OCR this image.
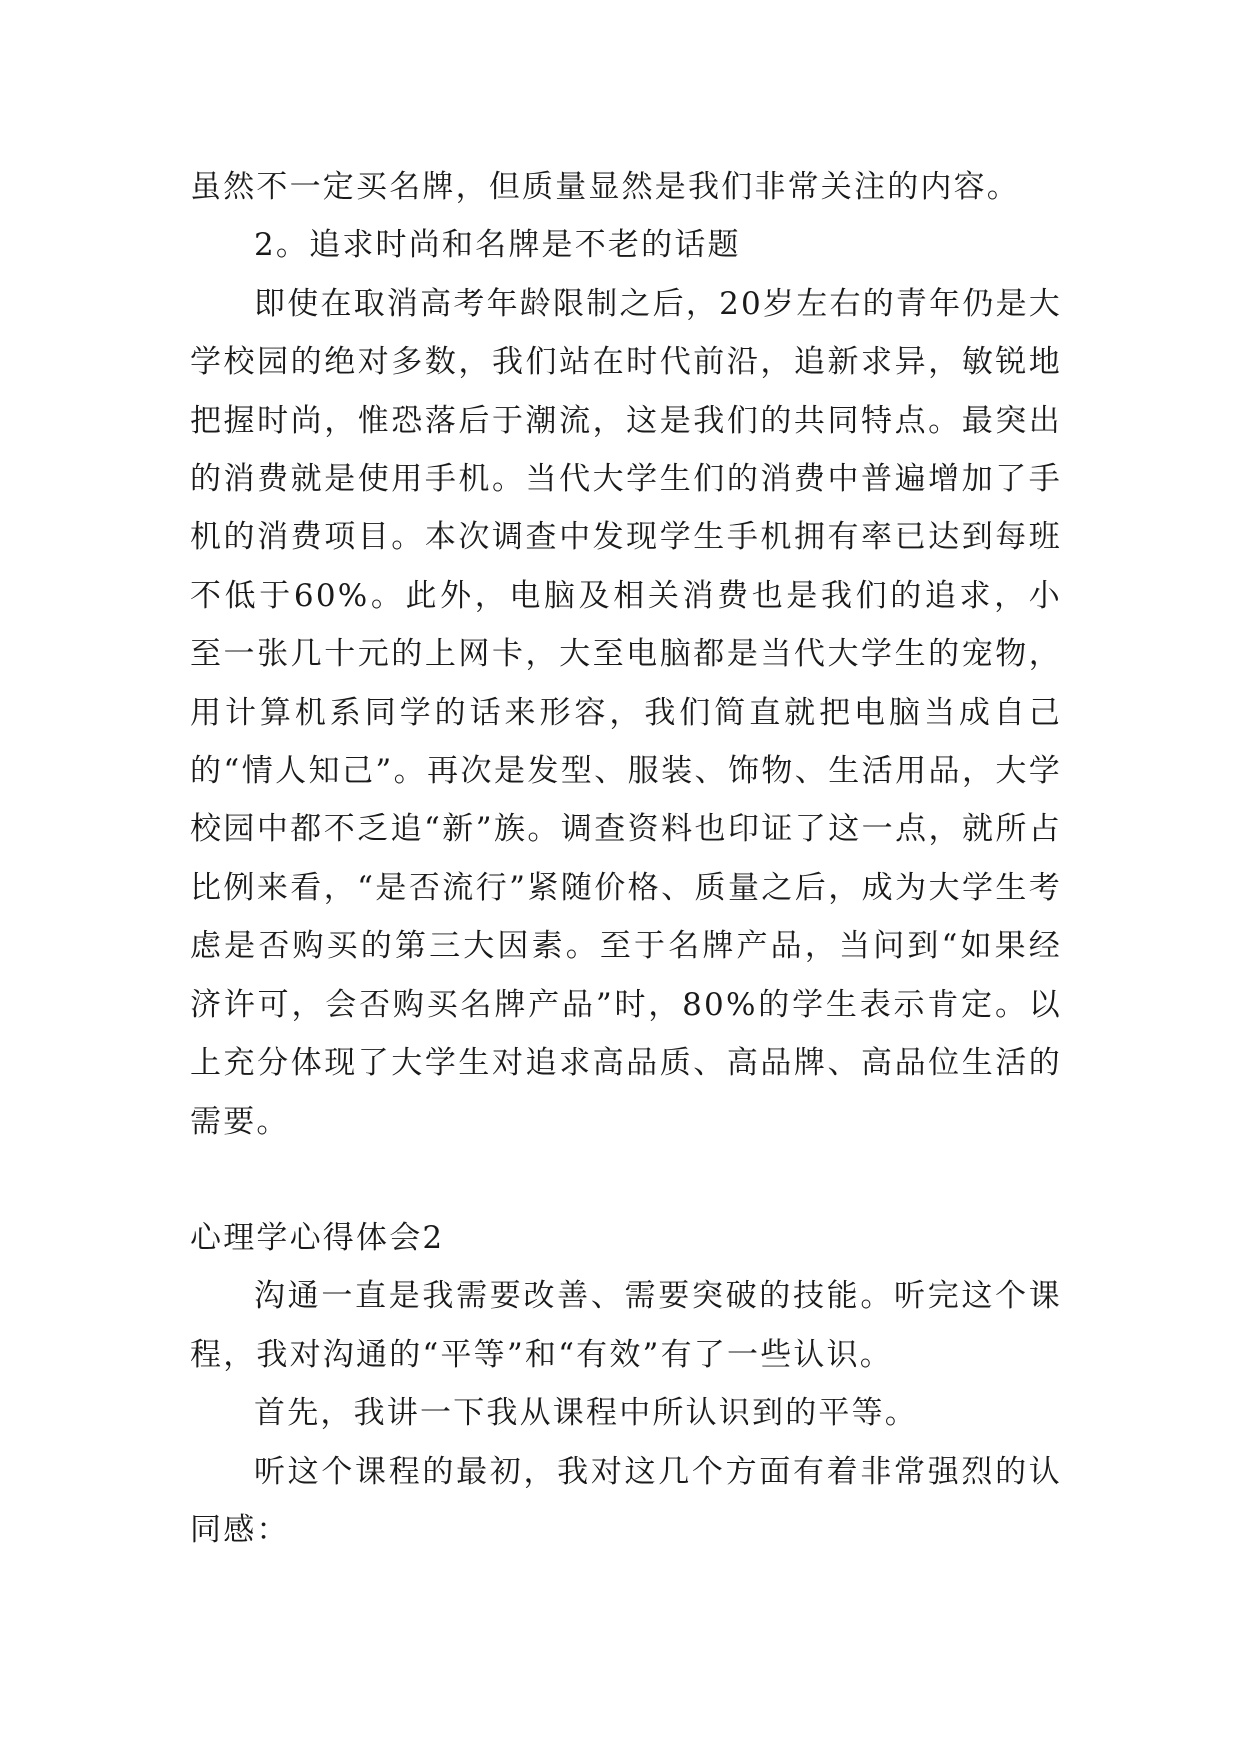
虽然不一定买名牌，但质量显然是我们非常关注的内容。

2。追求时尚和名牌是不老的话题

即使在取消高考年龄限制之后，20岁左右的青年仍是大学校园的绝对多数，我们站在时代前沿，追新求异，敏锐地把握时尚，惟恐落后于潮流，这是我们的共同特点。最突出的消费就是使用手机。当代大学生们的消费中普遍增加了手机的消费项目。本次调查中发现学生手机拥有率已达到每班不低于60%。此外，电脑及相关消费也是我们的追求，小至一张几十元的上网卡，大至电脑都是当代大学生的宠物，用计算机系同学的话来形容，我们简直就把电脑当成自己的“情人知己”。再次是发型、服装、饰物、生活用品，大学校园中都不乏追“新”族。调查资料也印证了这一点，就所占比例来看，“是否流行”紧随价格、质量之后，成为大学生考虑是否购买的第三大因素。至于名牌产品，当问到“如果经济许可，会否购买名牌产品”时，80%的学生表示肯定。以上充分体现了大学生对追求高品质、高品牌、高品位生活的需要。

心理学心得体会2

沟通一直是我需要改善、需要突破的技能。听完这个课程，我对沟通的“平等”和“有效”有了一些认识。

首先，我讲一下我从课程中所认识到的平等。

听这个课程的最初，我对这几个方面有着非常强烈的认同感：
